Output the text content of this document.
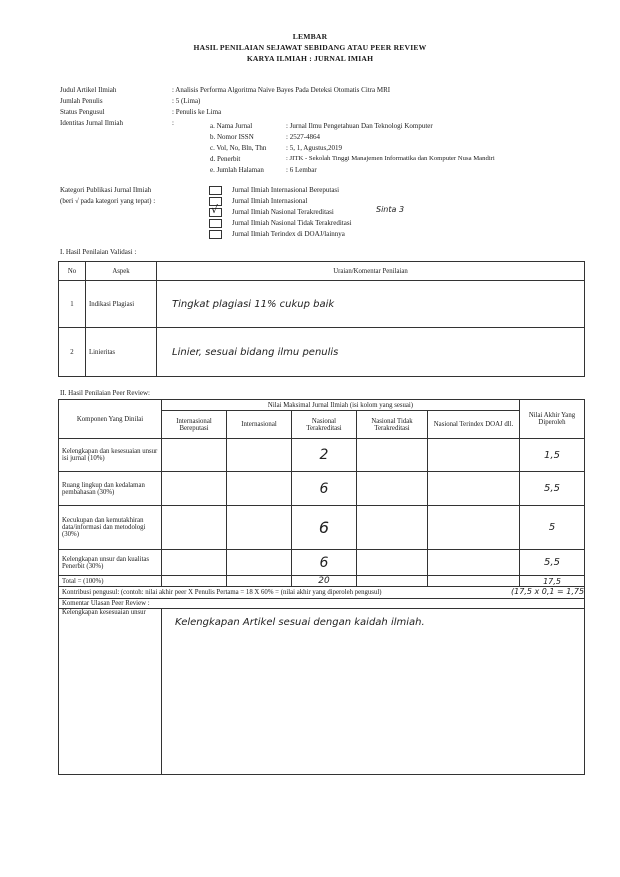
LEMBAR
HASIL PENILAIAN SEJAWAT SEBIDANG ATAU PEER REVIEW
KARYA ILMIAH : JURNAL IMIAH
Judul Artikel Ilmiah	: Analisis Performa Algoritma Naive Bayes Pada Deteksi Otomatis Citra MRI
Jumlah Penulis	: 5 (Lima)
Status Pengusul	: Penulis ke Lima
Identitas Jurnal Ilmiah	:	a. Nama Jurnal	: Jurnal Ilmu Pengetahuan Dan Teknologi Komputer
b. Nomor ISSN	: 2527-4864
c. Vol, No, Bln, Thn	: 5, 1, Agustus,2019
d. Penerbit	: JITK - Sekolah Tinggi Manajemen Informatika dan Komputer Nusa Mandiri
e. Jumlah Halaman	: 6 Lembar
Kategori Publikasi Jurnal Ilmiah
(beri √ pada kategori yang tepat) :
Jurnal Ilmiah Internasional Bereputasi
Jurnal Ilmiah Internasional
√ Jurnal Ilmiah Nasional Terakreditasi	Sinta 3
Jurnal Ilmiah Nasional Tidak Terakreditasi
Jurnal Ilmiah Terindex di DOAJ/lainnya
I. Hasil Penilaian Validasi :
No	Aspek	Uraian/Komentar Penilaian
1	Indikasi Plagiasi	Tingkat plagiasi 11% cukup baik
2	Linieritas	Linier, sesuai bidang ilmu penulis
II. Hasil Penilaian Peer Review:
Komponen Yang Dinilai	Nilai Maksimal Jurnal Ilmiah (isi kolom yang sesuai)					Nilai Akhir Yang Diperoleh
	Internasional Bereputasi	Internasional	Nasional Terakreditasi	Nasional Tidak Terakreditasi	Nasional Terindex DOAJ dll.	
Kelengkapan dan kesesuaian unsur isi jurnal (10%)			2			1,5
Ruang lingkup dan kedalaman pembahasan (30%)			6			5,5
Kecukupan dan kemutakhiran data/informasi dan metodologi (30%)			6			5
Kelengkapan unsur dan kualitas Penerbit (30%)			6			5,5
Total = (100%)			20			17,5
Kontribusi pengusul: (contoh: nilai akhir peer X Penulis Pertama = 18 X 60% = (nilai akhir yang diperoleh pengusul)						
Komentar Ulasan Peer Review :						
Kelengkapan kesesuaian unsur	Kelengkapan Artikel sesuai dengan kaidah ilmiah.					
(17,5 x 0,1 = 1,75
